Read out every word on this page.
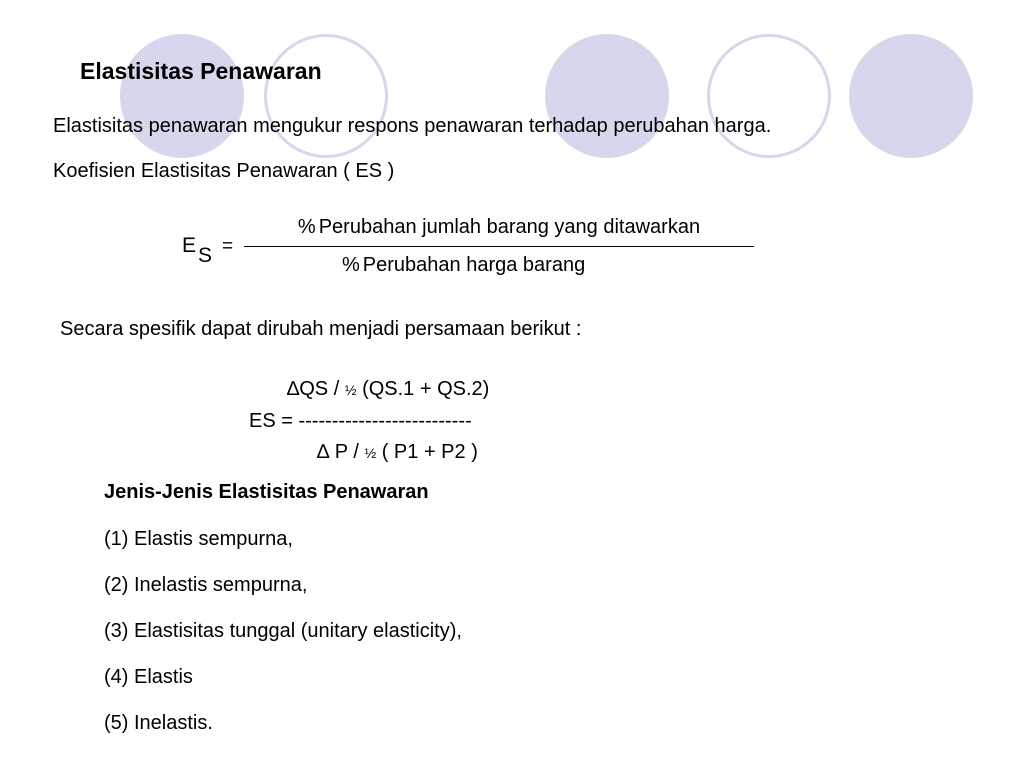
Elastisitas Penawaran
Elastisitas penawaran mengukur respons penawaran terhadap perubahan harga.
Koefisien Elastisitas Penawaran ( ES )
E S =
% Perubahan jumlah barang yang ditawarkan
% Perubahan harga barang
Secara spesifik dapat dirubah menjadi persamaan berikut :
∆QS / ½ (QS.1 + QS.2)
ES = --------------------------
∆ P / ½ ( P1 + P2 )
Jenis-Jenis Elastisitas Penawaran
(1) Elastis sempurna,
(2) Inelastis sempurna,
(3) Elastisitas tunggal (unitary elasticity),
(4) Elastis
(5) Inelastis.
